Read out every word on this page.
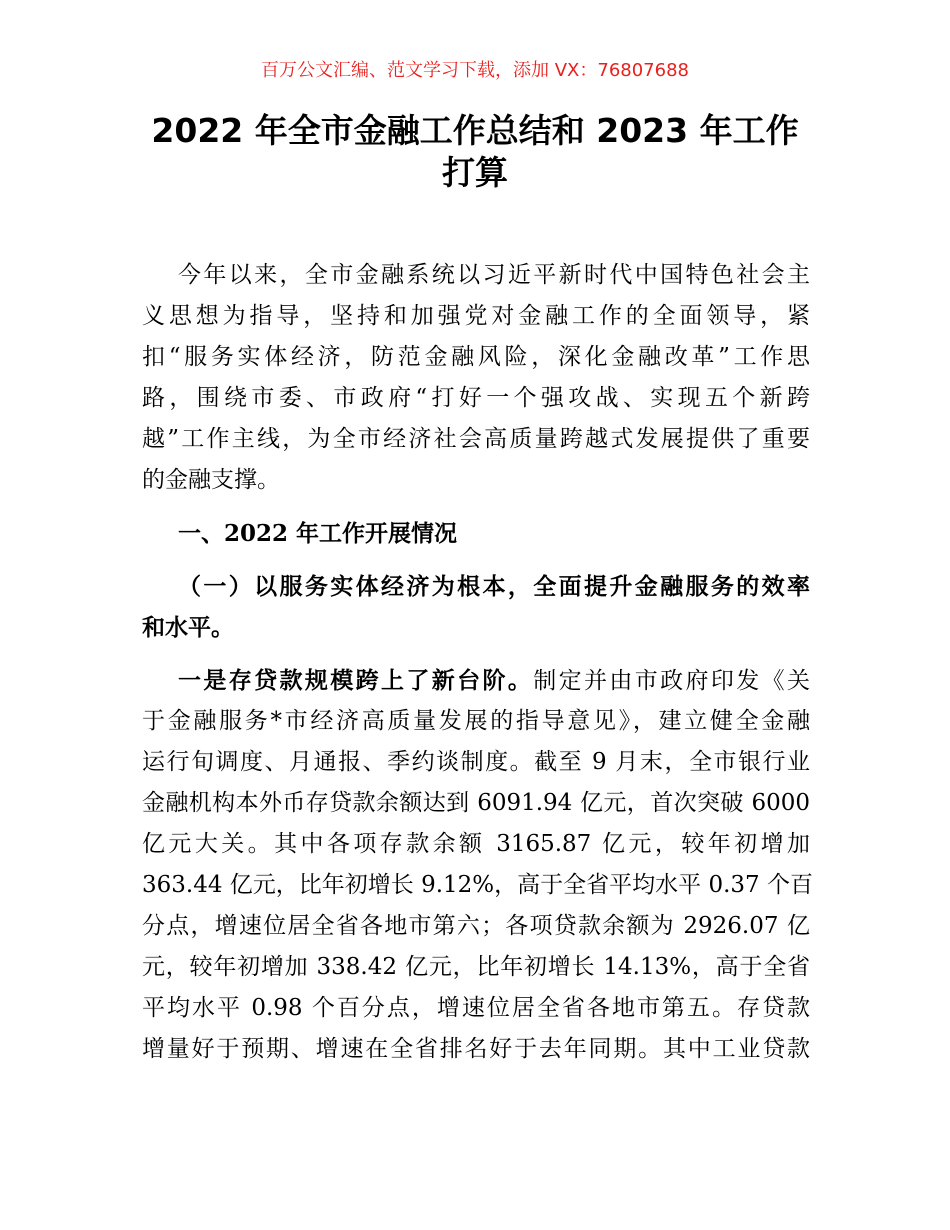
百万公文汇编、范文学习下载，添加 VX：76807688
2022 年全市金融工作总结和 2023 年工作
打算
今年以来，全市金融系统以习近平新时代中国特色社会主
义思想为指导，坚持和加强党对金融工作的全面领导，紧
扣“服务实体经济，防范金融风险，深化金融改革”工作思
路，围绕市委、市政府“打好一个强攻战、实现五个新跨
越”工作主线，为全市经济社会高质量跨越式发展提供了重要
的金融支撑。
一、2022 年工作开展情况
（一）以服务实体经济为根本，全面提升金融服务的效率
和水平。
一是存贷款规模跨上了新台阶。制定并由市政府印发《关
于金融服务*市经济高质量发展的指导意见》，建立健全金融
运行旬调度、月通报、季约谈制度。截至 9 月末，全市银行业
金融机构本外币存贷款余额达到 6091.94 亿元，首次突破 6000
亿元大关。其中各项存款余额 3165.87 亿元，较年初增加
363.44 亿元，比年初增长 9.12%，高于全省平均水平 0.37 个百
分点，增速位居全省各地市第六；各项贷款余额为 2926.07 亿
元，较年初增加 338.42 亿元，比年初增长 14.13%，高于全省
平均水平 0.98 个百分点，增速位居全省各地市第五。存贷款
增量好于预期、增速在全省排名好于去年同期。其中工业贷款
